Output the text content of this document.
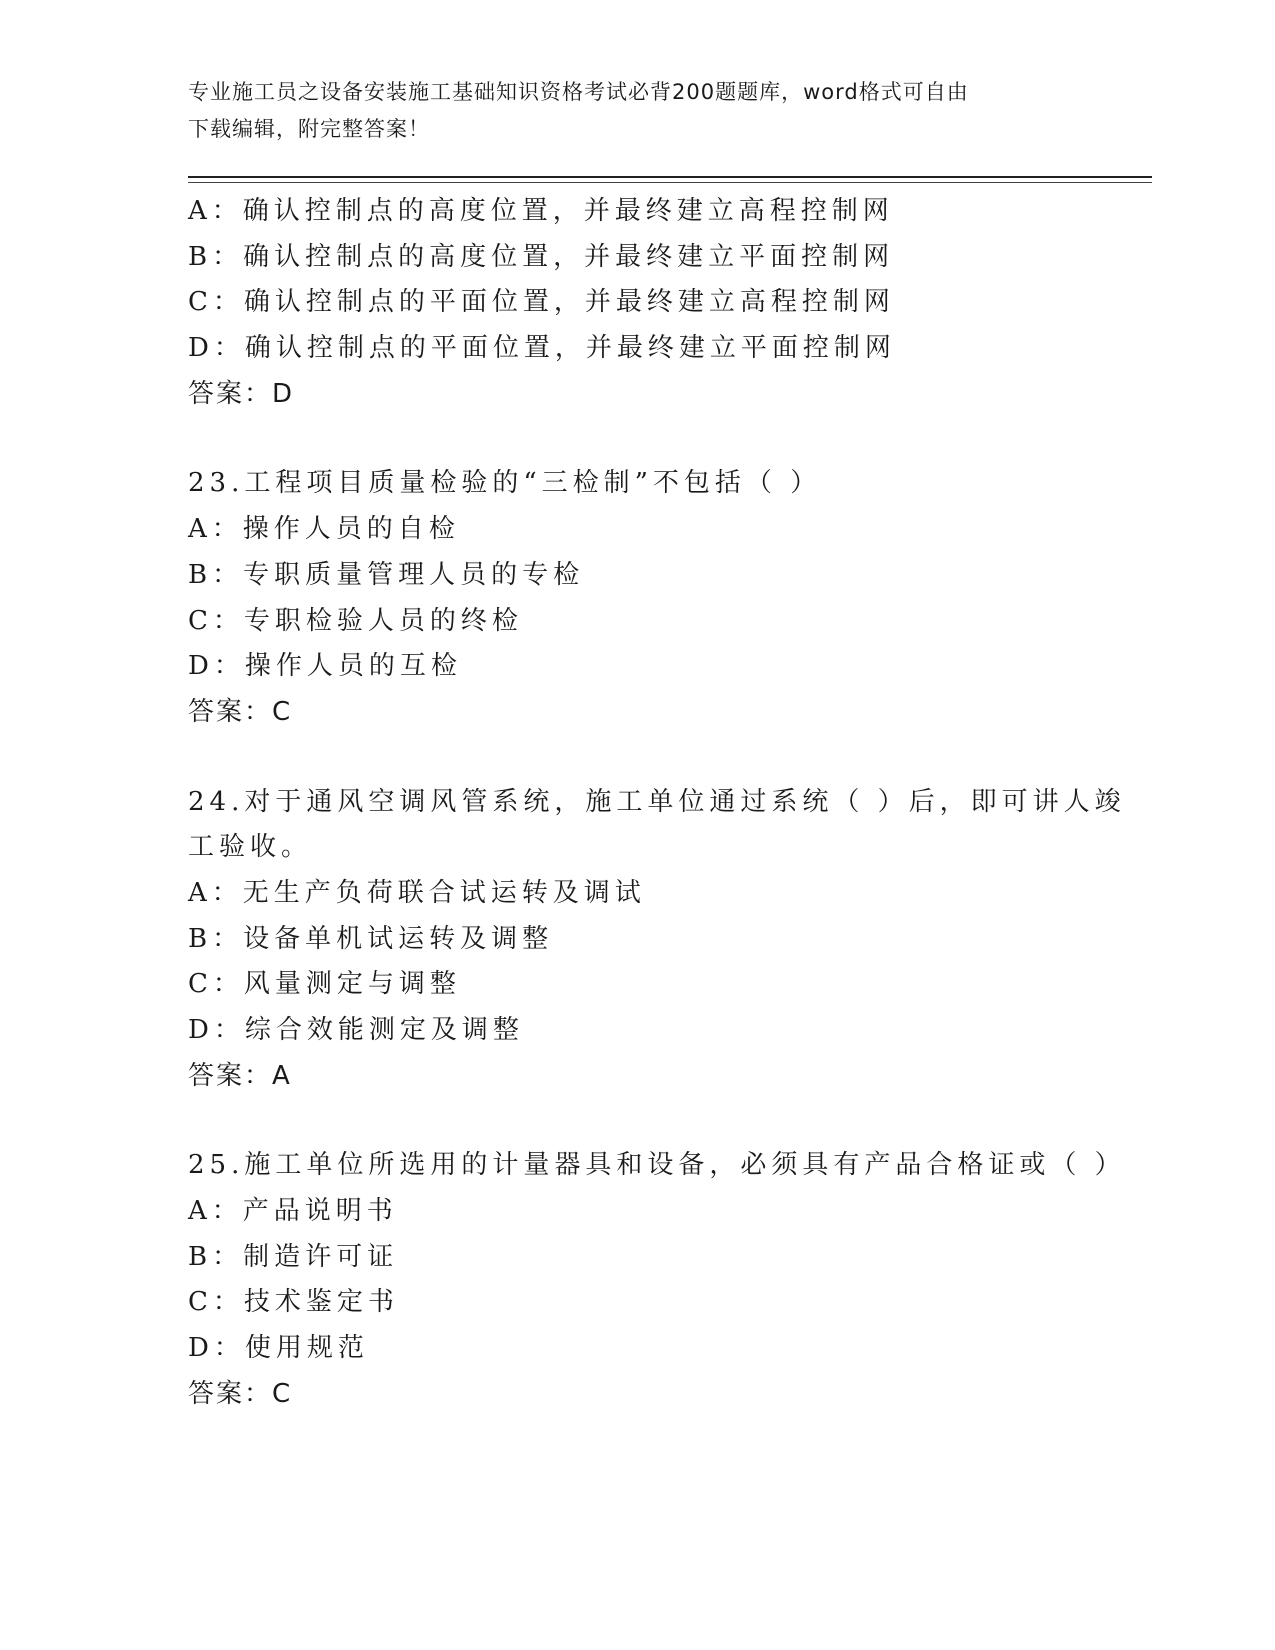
专业施工员之设备安装施工基础知识资格考试必背200题题库，word格式可自由
下载编辑，附完整答案！
A：确认控制点的高度位置，并最终建立高程控制网
B：确认控制点的高度位置，并最终建立平面控制网
C：确认控制点的平面位置，并最终建立高程控制网
D：确认控制点的平面位置，并最终建立平面控制网
答案：D
23.工程项目质量检验的“三检制”不包括（ ）
A：操作人员的自检
B：专职质量管理人员的专检
C：专职检验人员的终检
D：操作人员的互检
答案：C
24.对于通风空调风管系统，施工单位通过系统（ ）后，即可讲人竣
工验收。
A：无生产负荷联合试运转及调试
B：设备单机试运转及调整
C：风量测定与调整
D：综合效能测定及调整
答案：A
25.施工单位所选用的计量器具和设备，必须具有产品合格证或（ ）
A：产品说明书
B：制造许可证
C：技术鉴定书
D：使用规范
答案：C
